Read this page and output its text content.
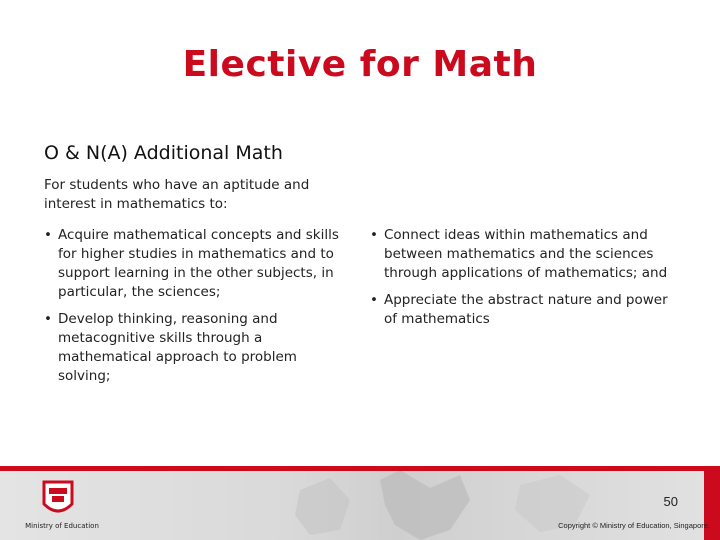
Elective for Math
O & N(A) Additional Math
For students who have an aptitude and interest in mathematics to:
• Acquire mathematical concepts and skills for higher studies in mathematics and to support learning in the other subjects, in particular, the sciences;
• Develop thinking, reasoning and metacognitive skills through a mathematical approach to problem solving;
• Connect ideas within mathematics and between mathematics and the sciences through applications of mathematics; and
• Appreciate the abstract nature and power of mathematics
Ministry of Education
50
Copyright © Ministry of Education, Singapore.
